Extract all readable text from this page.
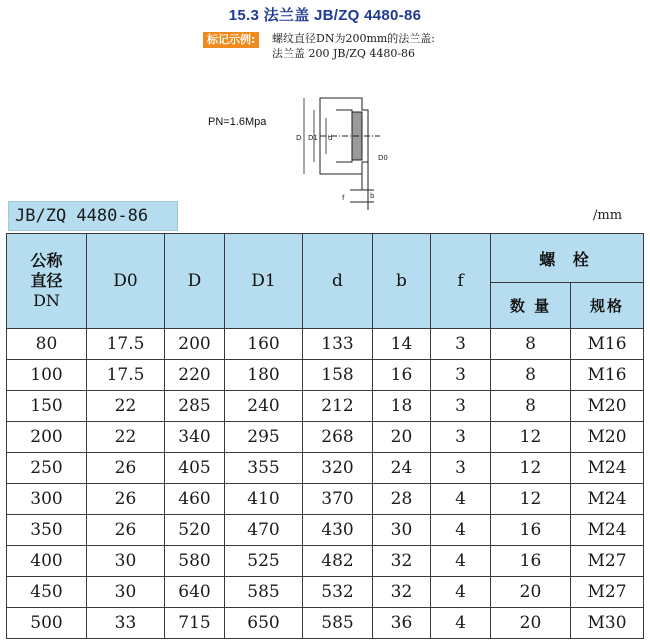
15.3 法兰盖 JB/ZQ 4480-86
标记示例:	螺纹直径DN为200mm的法兰盖:
法兰盖 200 JB/ZQ 4480-86
PN=1.6Mpa
D D1 d
f	b
D0
JB/ZQ 4480-86	/mm
公称
直径
DN	D0	D	D1	d	b	f	螺 栓	
							数 量	规格
80	17.5	200	160	133	14	3	8	M16
100	17.5	220	180	158	16	3	8	M16
150	22	285	240	212	18	3	8	M20
200	22	340	295	268	20	3	12	M20
250	26	405	355	320	24	3	12	M24
300	26	460	410	370	28	4	12	M24
350	26	520	470	430	30	4	16	M24
400	30	580	525	482	32	4	16	M27
450	30	640	585	532	32	4	20	M27
500	33	715	650	585	36	4	20	M30
